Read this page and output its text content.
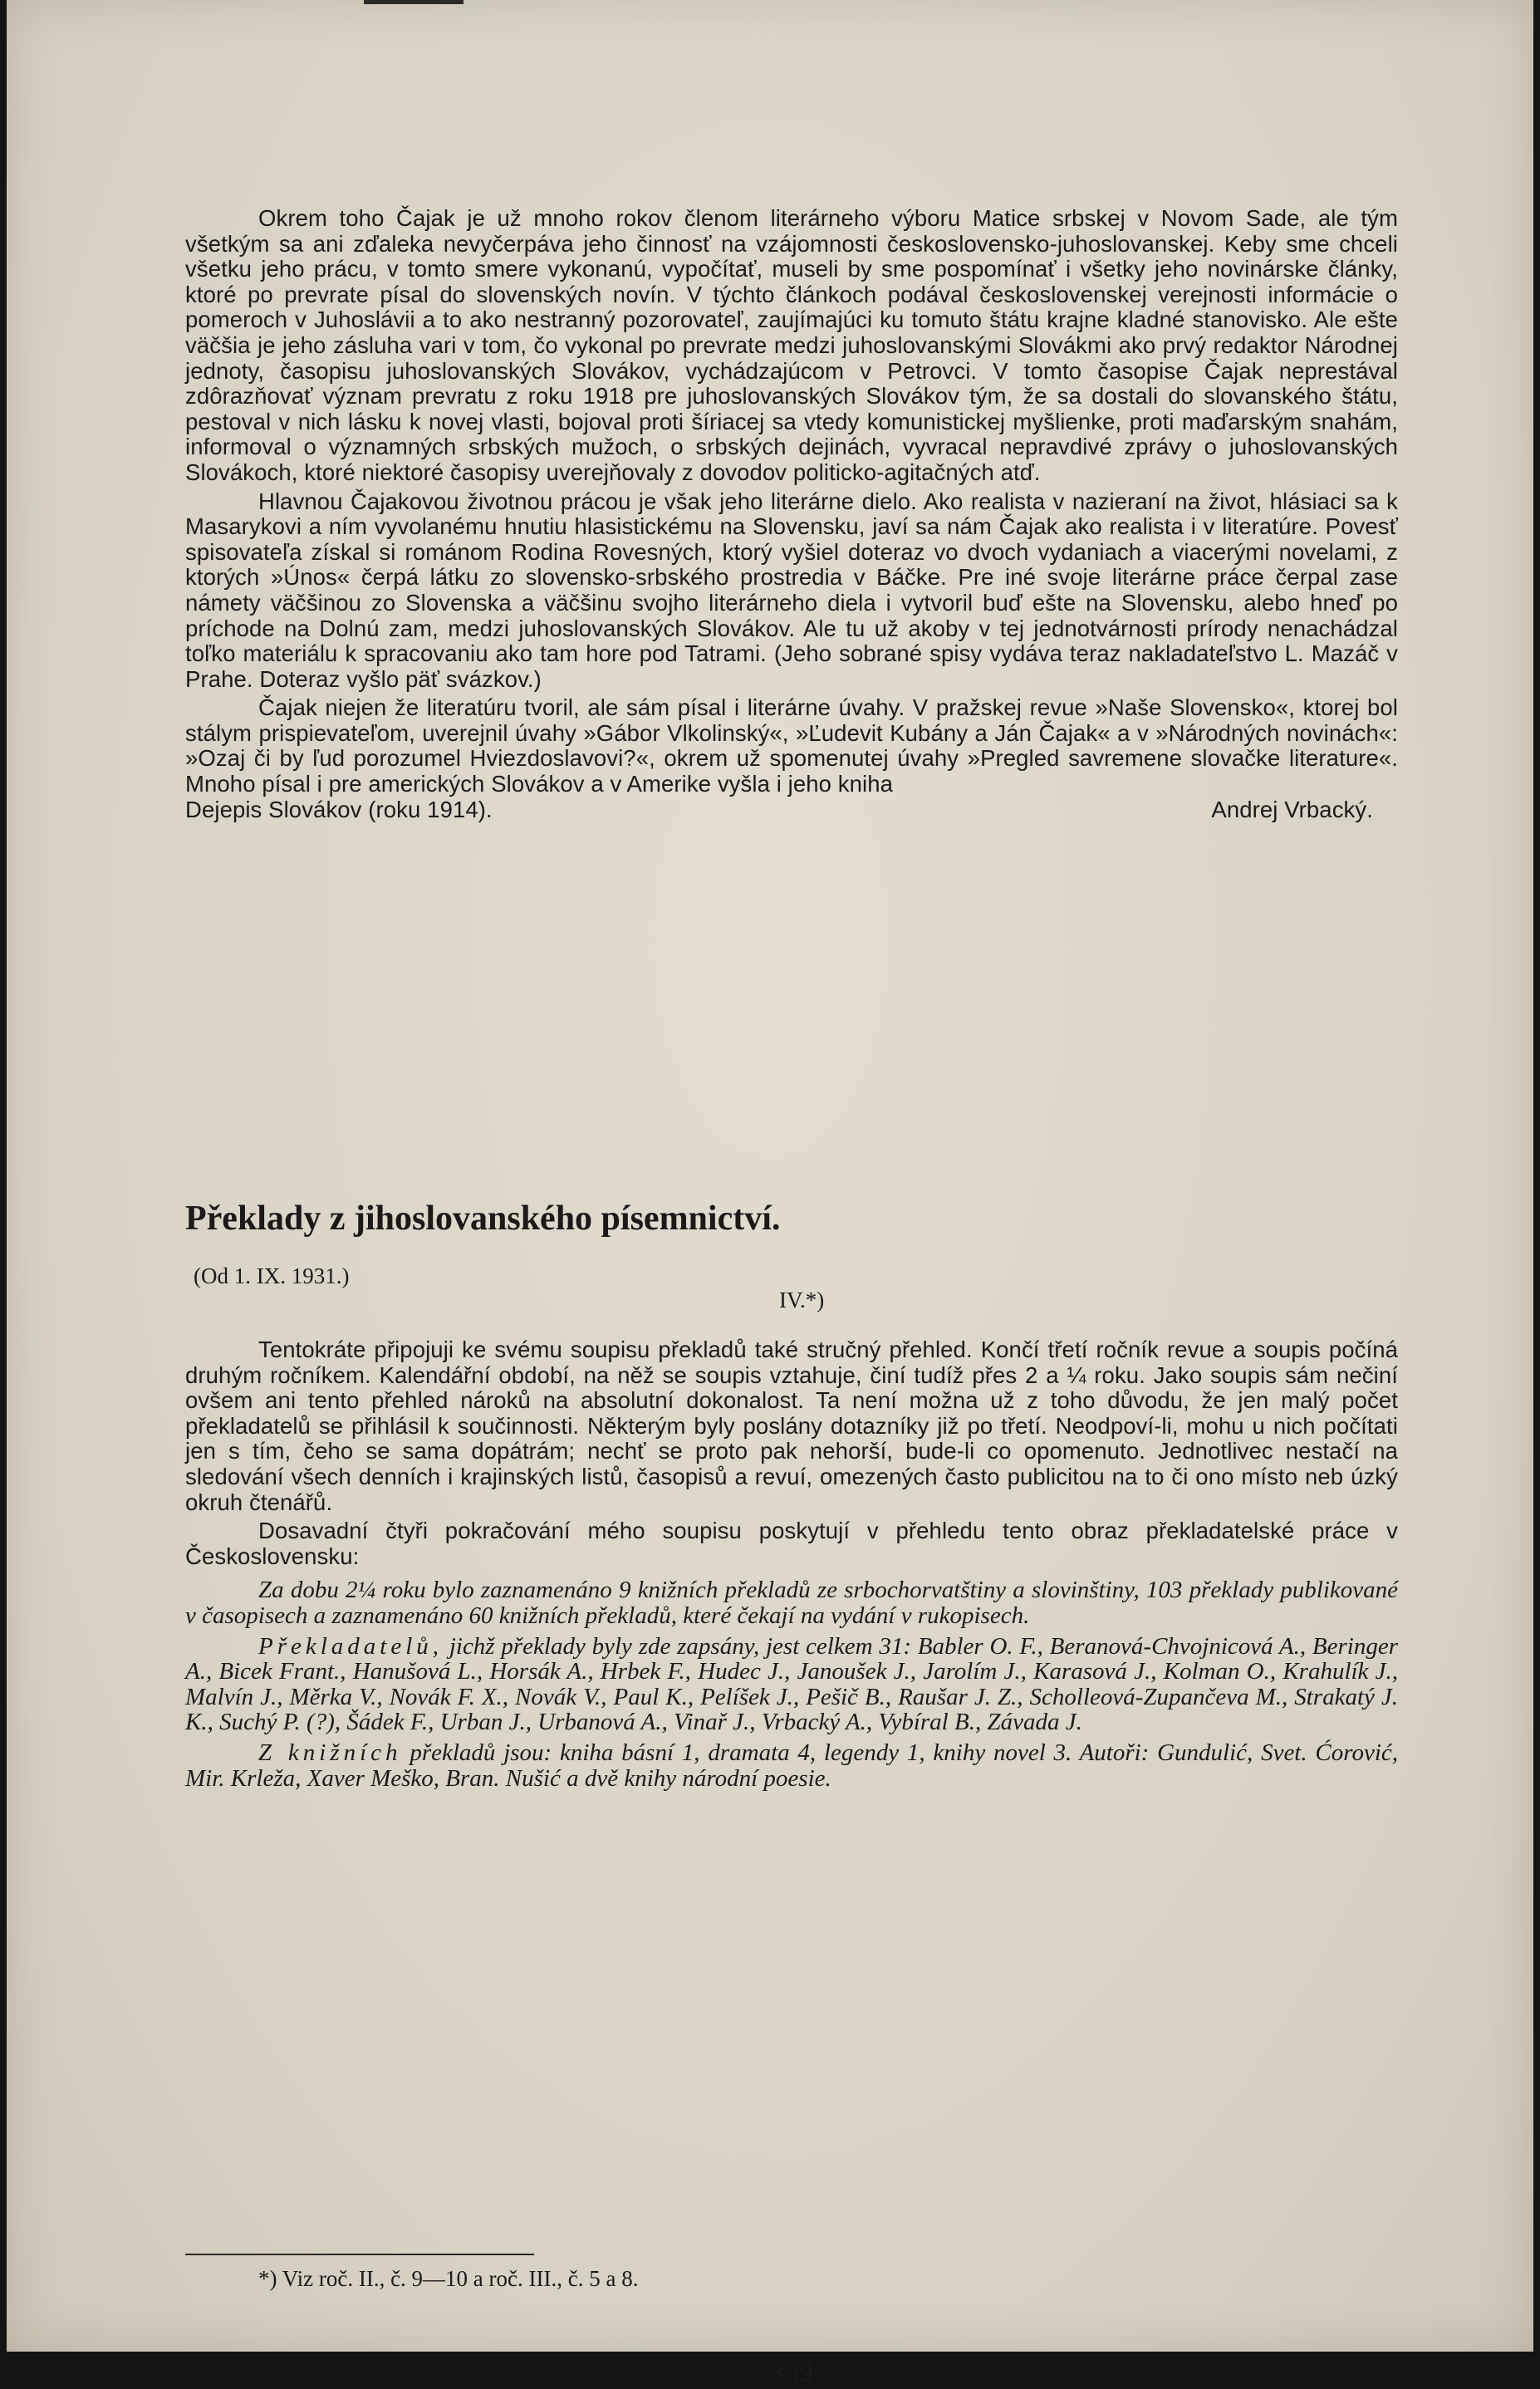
Okrem toho Čajak je už mnoho rokov členom literárneho výboru Matice srbskej v Novom Sade, ale tým všetkým sa ani zďaleka nevyčerpáva jeho činnosť na vzájomnosti československo-juhoslovanskej. Keby sme chceli všetku jeho prácu, v tomto smere vykonanú, vypočítať, museli by sme pospomínať i všetky jeho novinárske články, ktoré po prevrate písal do slovenských novín. V týchto článkoch podával československej verejnosti informácie o pomeroch v Juhoslávii a to ako nestranný pozorovateľ, zaujímajúci ku tomuto štátu krajne kladné stanovisko. Ale ešte väčšia je jeho zásluha vari v tom, čo vykonal po prevrate medzi juhoslovanskými Slovákmi ako prvý redaktor Národnej jednoty, časopisu juhoslovanských Slovákov, vychádzajúcom v Petrovci. V tomto časopise Čajak neprestával zdôrazňovať význam prevratu z roku 1918 pre juhoslovanských Slovákov tým, že sa dostali do slovanského štátu, pestoval v nich lásku k novej vlasti, bojoval proti šíriacej sa vtedy komunistickej myšlienke, proti maďarským snahám, informoval o významných srbských mužoch, o srbských dejinách, vyvracal nepravdivé zprávy o juhoslovanských Slovákoch, ktoré niektoré časopisy uverejňovaly z dovodov politicko-agitačných atď.

Hlavnou Čajakovou životnou prácou je však jeho literárne dielo. Ako realista v nazieraní na život, hlásiaci sa k Masarykovi a ním vyvolanému hnutiu hlasistickému na Slovensku, javí sa nám Čajak ako realista i v literatúre. Povesť spisovateľa získal si románom Rodina Rovesných, ktorý vyšiel doteraz vo dvoch vydaniach a viacerými novelami, z ktorých »Únos« čerpá látku zo slovensko-srbského prostredia v Báčke. Pre iné svoje literárne práce čerpal zase námety väčšinou zo Slovenska a väčšinu svojho literárneho diela i vytvoril buď ešte na Slovensku, alebo hneď po príchode na Dolnú zam, medzi juhoslovanských Slovákov. Ale tu už akoby v tej jednotvárnosti prírody nenachádzal toľko materiálu k spracovaniu ako tam hore pod Tatrami. (Jeho sobrané spisy vydáva teraz nakladateľstvo L. Mazáč v Prahe. Doteraz vyšlo päť svázkov.)

Čajak niejen že literatúru tvoril, ale sám písal i literárne úvahy. V pražskej revue »Naše Slovensko«, ktorej bol stálym prispievateľom, uverejnil úvahy »Gábor Vlkolinský«, »Ľudevit Kubány a Ján Čajak« a v »Národných novinách«: »Ozaj či by ľud porozumel Hviezdoslavovi?«, okrem už spomenutej úvahy »Pregled savremene slovačke literature«. Mnoho písal i pre amerických Slovákov a v Amerike vyšla i jeho kniha

Dejepis Slovákov (roku 1914).	Andrej Vrbacký.
Překlady z jihoslovanského písemnictví.

(Od 1. IX. 1931.)

IV.*)

Tentokráte připojuji ke svému soupisu překladů také stručný přehled. Končí třetí ročník revue a soupis počíná druhým ročníkem. Kalendářní období, na něž se soupis vztahuje, činí tudíž přes 2 a ¼ roku. Jako soupis sám nečiní ovšem ani tento přehled nároků na absolutní dokonalost. Ta není možna už z toho důvodu, že jen malý počet překladatelů se přihlásil k součinnosti. Některým byly poslány dotazníky již po třetí. Neodpoví-li, mohu u nich počítati jen s tím, čeho se sama dopátrám; nechť se proto pak nehorší, bude-li co opomenuto. Jednotlivec nestačí na sledování všech denních i krajinských listů, časopisů a revuí, omezených často publicitou na to či ono místo neb úzký okruh čtenářů.

Dosavadní čtyři pokračování mého soupisu poskytují v přehledu tento obraz překladatelské práce v Československu:

Za dobu 2¼ roku bylo zaznamenáno 9 knižních překladů ze srbochorvatštiny a slovinštiny, 103 překlady publikované v časopisech a zaznamenáno 60 knižních překladů, které čekají na vydání v rukopisech.

Překladatelů, jichž překlady byly zde zapsány, jest celkem 31: Babler O. F., Beranová-Chvojnicová A., Beringer A., Bicek Frant., Hanušová L., Horsák A., Hrbek F., Hudec J., Janoušek J., Jarolím J., Karasová J., Kolman O., Krahulík J., Malvín J., Měrka V., Novák F. X., Novák V., Paul K., Pelíšek J., Pešič B., Raušar J. Z., Scholleová-Zupančeva M., Strakatý J. K., Suchý P. (?), Šádek F., Urban J., Urbanová A., Vinař J., Vrbacký A., Vybíral B., Závada J.

Z knižních překladů jsou: kniha básní 1, dramata 4, legendy 1, knihy novel 3. Autoři: Gundulić, Svet. Ćorović, Mir. Krleža, Xaver Meško, Bran. Nušić a dvě knihy národní poesie.

*) Viz roč. II., č. 9—10 a roč. III., č. 5 a 8.

339
